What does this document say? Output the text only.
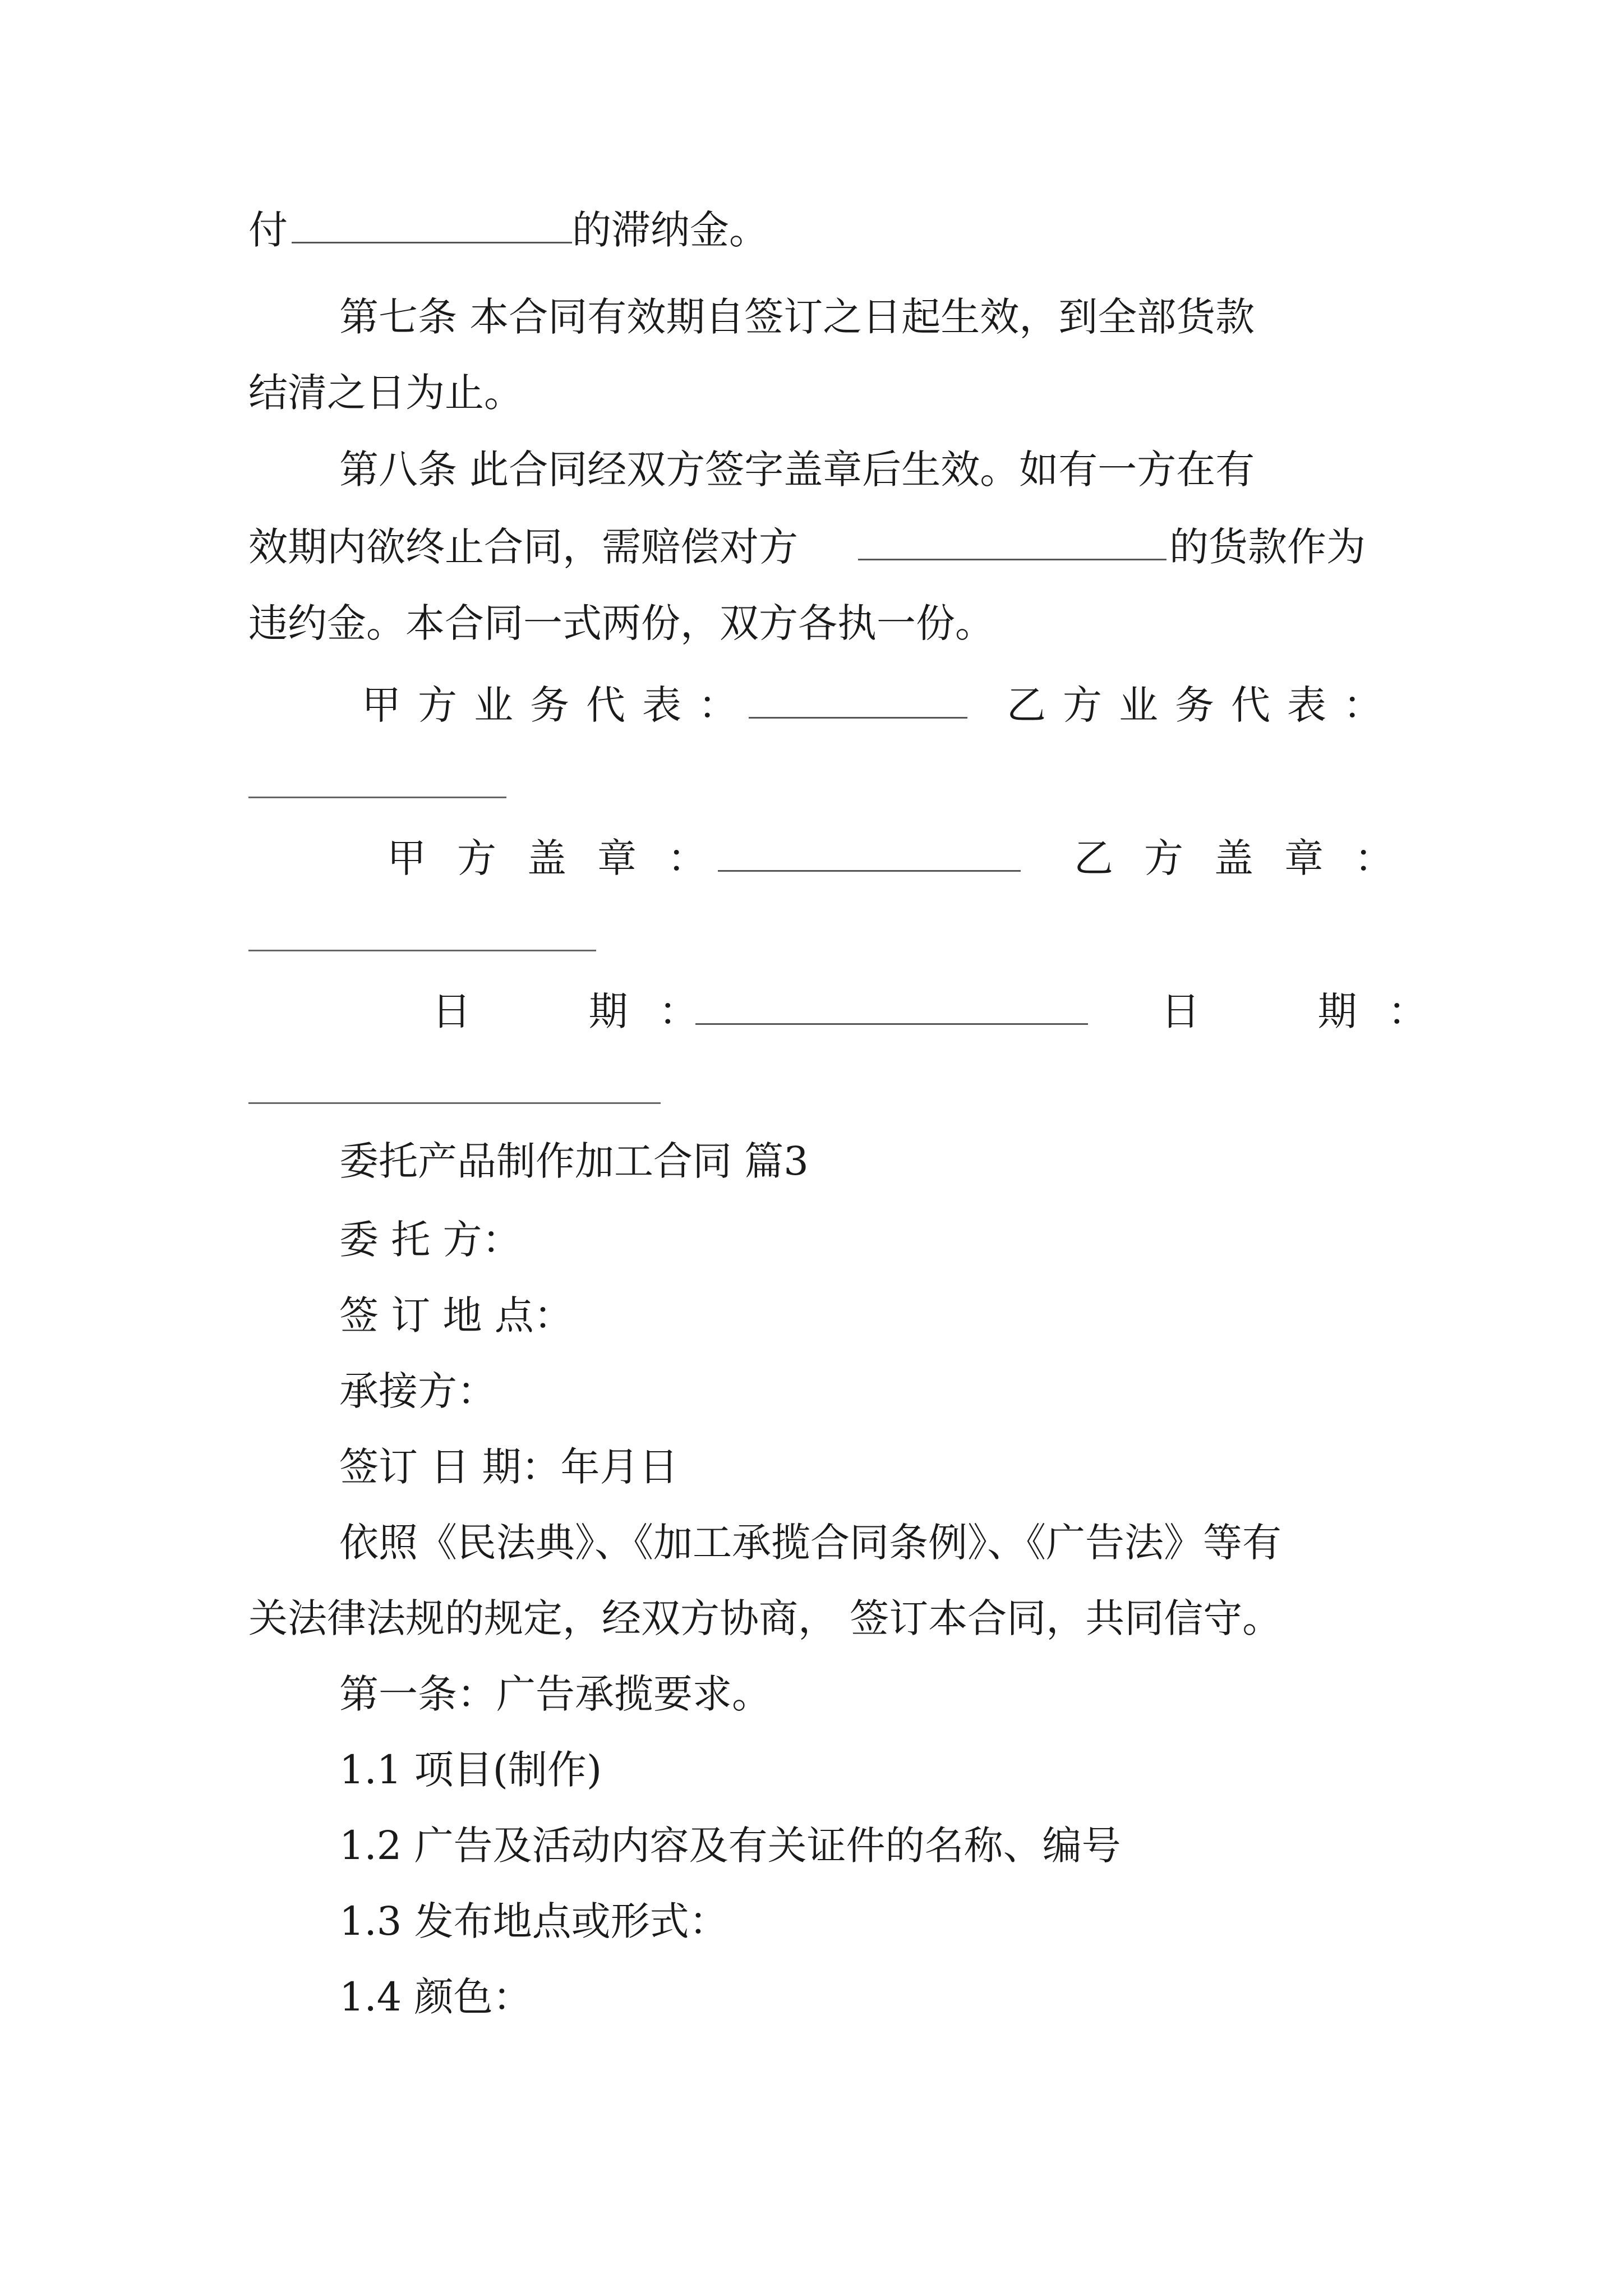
付	的滞纳金。
第七条 本合同有效期自签订之日起生效，到全部货款
结清之日为止。
第八条 此合同经双方签字盖章后生效。如有一方在有
效期内欲终止合同，需赔偿对方	的货款作为
违约金。本合同一式两份，双方各执一份。
甲方业务代表：	乙方业务代表：
甲方盖章：	乙方盖章：
日  期：	日  期：
委托产品制作加工合同 篇3
委 托 方：
签 订 地 点：
承接方：
签订 日 期：年月日
依照《民法典》、《加工承揽合同条例》、《广告法》等有
关法律法规的规定，经双方协商， 签订本合同，共同信守。
第一条：广告承揽要求。
1.1 项目(制作)
1.2 广告及活动内容及有关证件的名称、编号
1.3 发布地点或形式：
1.4 颜色：
